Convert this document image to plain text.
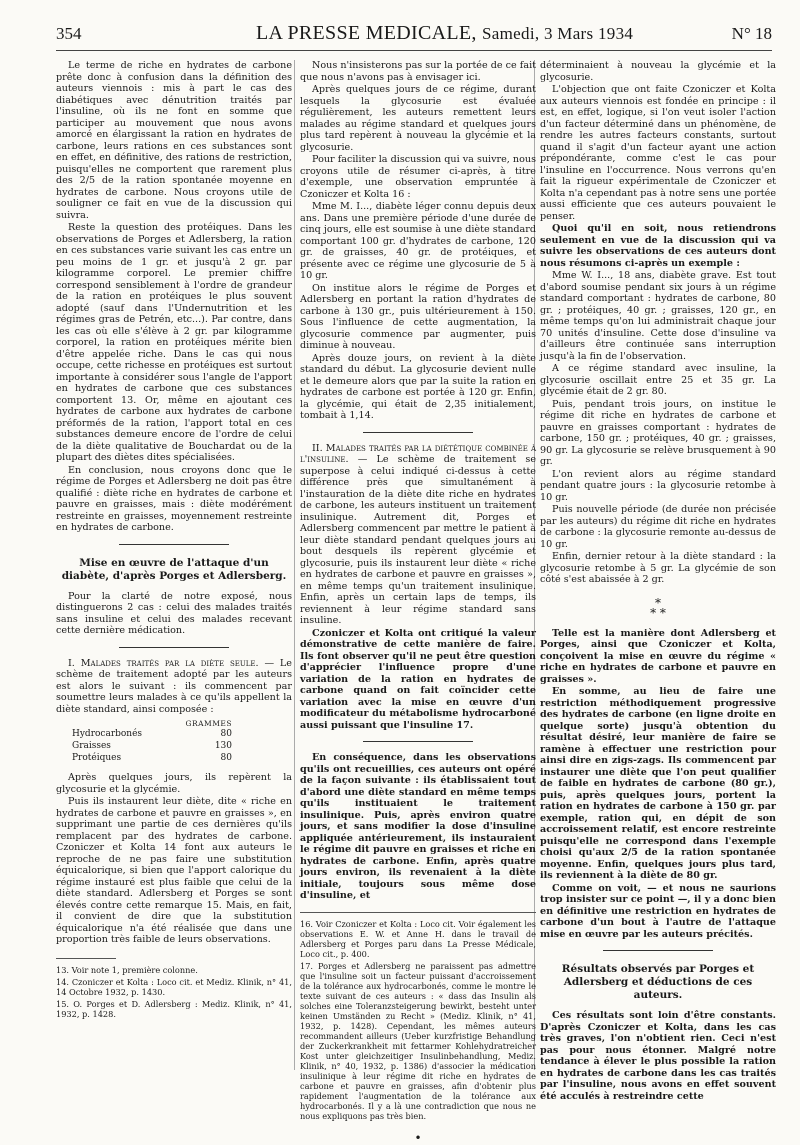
354	LA PRESSE MEDICALE, Samedi, 3 Mars 1934	N° 18

Le terme de riche en hydrates de carbone prête donc à confusion dans la définition des auteurs viennois : mis à part le cas des diabétiques avec dénutrition traités par l'insuline, où ils ne font en somme que participer au mouvement que nous avons amorcé en élargissant la ration en hydrates de carbone, leurs rations en ces substances sont en effet, en définitive, des rations de restriction, puisqu'elles ne comportent que rarement plus des 2/5 de la ration spontanée moyenne en hydrates de carbone. Nous croyons utile de souligner ce fait en vue de la discussion qui suivra.

Reste la question des protéiques. Dans les observations de Porges et Adlersberg, la ration en ces substances varie suivant les cas entre un peu moins de 1 gr. et jusqu'à 2 gr. par kilogramme corporel. Le premier chiffre correspond sensiblement à l'ordre de grandeur de la ration en protéiques le plus souvent adopté (sauf dans l'Undernutrition et les régimes gras de Petrén, etc...). Par contre, dans les cas où elle s'élève à 2 gr. par kilogramme corporel, la ration en protéiques mérite bien d'être appelée riche. Dans le cas qui nous occupe, cette richesse en protéiques est surtout importante à considérer sous l'angle de l'apport en hydrates de carbone que ces substances comportent 13. Or, même en ajoutant ces hydrates de carbone aux hydrates de carbone préformés de la ration, l'apport total en ces substances demeure encore de l'ordre de celui de la diète qualitative de Bouchardat ou de la plupart des diètes dites spécialisées.

En conclusion, nous croyons donc que le régime de Porges et Adlersberg ne doit pas être qualifié : diète riche en hydrates de carbone et pauvre en graisses, mais : diète modérément restreinte en graisses, moyennement restreinte en hydrates de carbone.

Mise en œuvre de l'attaque d'un diabète, d'après Porges et Adlersberg.

Pour la clarté de notre exposé, nous distinguerons 2 cas : celui des malades traités sans insuline et celui des malades recevant cette dernière médication.

I. Malades traités par la diète seule. — Le schème de traitement adopté par les auteurs est alors le suivant : ils commencent par soumettre leurs malades à ce qu'ils appellent la diète standard, ainsi composée :

GRAMMES	
Hydrocarbonés	80
Graisses	130
Protéiques	80

Après quelques jours, ils repèrent la glycosurie et la glycémie.

Puis ils instaurent leur diète, dite « riche en hydrates de carbone et pauvre en graisses », en supprimant une partie de ces dernières qu'ils remplacent par des hydrates de carbone. Czoniczer et Kolta 14 font aux auteurs le reproche de ne pas faire une substitution équicalorique, si bien que l'apport calorique du régime instauré est plus faible que celui de la diète standard. Adlersberg et Porges se sont élevés contre cette remarque 15. Mais, en fait, il convient de dire que la substitution équicalorique n'a été réalisée que dans une proportion très faible de leurs observations.

13. Voir note 1, première colonne.
14. Czoniczer et Kolta : Loco cit. et Mediz. Klinik, n° 41, 14 Octobre 1932, p. 1430.
15. O. Porges et D. Adlersberg : Mediz. Klinik, n° 41, 1932, p. 1428.

Nous n'insisterons pas sur la portée de ce fait que nous n'avons pas à envisager ici.

Après quelques jours de ce régime, durant lesquels la glycosurie est évaluée régulièrement, les auteurs remettent leurs malades au régime standard et quelques jours plus tard repèrent à nouveau la glycémie et la glycosurie.

Pour faciliter la discussion qui va suivre, nous croyons utile de résumer ci-après, à titre d'exemple, une observation empruntée à Czoniczer et Kolta 16 :

Mme M. I..., diabète léger connu depuis deux ans. Dans une première période d'une durée de cinq jours, elle est soumise à une diète standard comportant 100 gr. d'hydrates de carbone, 120 gr. de graisses, 40 gr. de protéiques, et présente avec ce régime une glycosurie de 5 à 10 gr.

On institue alors le régime de Porges et Adlersberg en portant la ration d'hydrates de carbone à 130 gr., puis ultérieurement à 150. Sous l'influence de cette augmentation, la glycosurie commence par augmenter, puis diminue à nouveau.

Après douze jours, on revient à la diète standard du début. La glycosurie devient nulle et le demeure alors que par la suite la ration en hydrates de carbone est portée à 120 gr. Enfin, la glycémie, qui était de 2,35 initialement, tombait à 1,14.

II. Malades traités par la diététique combinée à l'insuline. — Le schème de traitement se superpose à celui indiqué ci-dessus à cette différence près que simultanément à l'instauration de la diète dite riche en hydrates de carbone, les auteurs instituent un traitement insulinique. Autrement dit, Porges et Adlersberg commencent par mettre le patient à leur diète standard pendant quelques jours au bout desquels ils repèrent glycémie et glycosurie, puis ils instaurent leur diète « riche en hydrates de carbone et pauvre en graisses », en même temps qu'un traitement insulinique. Enfin, après un certain laps de temps, ils reviennent à leur régime standard sans insuline.

Czoniczer et Kolta ont critiqué la valeur démonstrative de cette manière de faire. Ils font observer qu'il ne peut être question d'apprécier l'influence propre d'une variation de la ration en hydrates de carbone quand on fait coïncider cette variation avec la mise en œuvre d'un modificateur du métabolisme hydrocarboné aussi puissant que l'insuline 17.

En conséquence, dans les observations qu'ils ont recueillies, ces auteurs ont opéré de la façon suivante : ils établissaient tout d'abord une diète standard en même temps qu'ils instituaient le traitement insulinique. Puis, après environ quatre jours, et sans modifier la dose d'insuline appliquée antérieurement, ils instauraient le régime dit pauvre en graisses et riche en hydrates de carbone. Enfin, après quatre jours environ, ils revenaient à la diète initiale, toujours sous même dose d'insuline, et

16. Voir Czoniczer et Kolta : Loco cit. Voir également les observations E. W. et Anne H. dans le travail de Adlersberg et Porges paru dans La Presse Médicale, Loco cit., p. 400.
17. Porges et Adlersberg ne paraissent pas admettre que l'insuline soit un facteur puissant d'accroissement de la tolérance aux hydrocarbonés, comme le montre le texte suivant de ces auteurs : « dass das Insulin als solches eine Toleranzsteigerung bewirkt, besteht unter keinen Umständen zu Recht » (Mediz. Klinik, n° 41, 1932, p. 1428). Cependant, les mêmes auteurs recommandent ailleurs (Ueber kurzfristige Behandlung der Zuckerkrankheit mit fettarmer Kohlehydratreicher Kost unter gleichzeitiger Insulinbehandlung, Mediz. Klinik, n° 40, 1932, p. 1386) d'associer la médication insulinique à leur régime dit riche en hydrates de carbone et pauvre en graisses, afin d'obtenir plus rapidement l'augmentation de la tolérance aux hydrocarbonés. Il y a là une contradiction que nous ne nous expliquons pas très bien.
•

déterminaient à nouveau la glycémie et la glycosurie.

L'objection que ont faite Czoniczer et Kolta aux auteurs viennois est fondée en principe : il est, en effet, logique, si l'on veut isoler l'action d'un facteur déterminé dans un phénomène, de rendre les autres facteurs constants, surtout quand il s'agit d'un facteur ayant une action prépondérante, comme c'est le cas pour l'insuline en l'occurrence. Nous verrons qu'en fait la rigueur expérimentale de Czoniczer et Kolta n'a cependant pas à notre sens une portée aussi efficiente que ces auteurs pouvaient le penser.

Quoi qu'il en soit, nous retiendrons seulement en vue de la discussion qui va suivre les observations de ces auteurs dont nous résumons ci-après un exemple :

Mme W. I..., 18 ans, diabète grave. Est tout d'abord soumise pendant six jours à un régime standard comportant : hydrates de carbone, 80 gr. ; protéiques, 40 gr. ; graisses, 120 gr., en même temps qu'on lui administrait chaque jour 70 unités d'insuline. Cette dose d'insuline va d'ailleurs être continuée sans interruption jusqu'à la fin de l'observation.

A ce régime standard avec insuline, la glycosurie oscillait entre 25 et 35 gr. La glycémie était de 2 gr. 80.

Puis, pendant trois jours, on institue le régime dit riche en hydrates de carbone et pauvre en graisses comportant : hydrates de carbone, 150 gr. ; protéiques, 40 gr. ; graisses, 90 gr. La glycosurie se relève brusquement à 90 gr.

L'on revient alors au régime standard pendant quatre jours : la glycosurie retombe à 10 gr.

Puis nouvelle période (de durée non précisée par les auteurs) du régime dit riche en hydrates de carbone : la glycosurie remonte au-dessus de 10 gr.

Enfin, dernier retour à la diète standard : la glycosurie retombe à 5 gr. La glycémie de son côté s'est abaissée à 2 gr.

*
* *

Telle est la manière dont Adlersberg et Porges, ainsi que Czoniczer et Kolta, conçoivent la mise en œuvre du régime « riche en hydrates de carbone et pauvre en graisses ».

En somme, au lieu de faire une restriction méthodiquement progressive des hydrates de carbone (en ligne droite en quelque sorte) jusqu'à obtention du résultat désiré, leur manière de faire se ramène à effectuer une restriction pour ainsi dire en zigs-zags. Ils commencent par instaurer une diète que l'on peut qualifier de faible en hydrates de carbone (80 gr.), puis, après quelques jours, portent la ration en hydrates de carbone à 150 gr. par exemple, ration qui, en dépit de son accroissement relatif, est encore restreinte puisqu'elle ne correspond dans l'exemple choisi qu'aux 2/5 de la ration spontanée moyenne. Enfin, quelques jours plus tard, ils reviennent à la diète de 80 gr.

Comme on voit, — et nous ne saurions trop insister sur ce point —, il y a donc bien en définitive une restriction en hydrates de carbone d'un bout à l'autre de l'attaque mise en œuvre par les auteurs précités.

Résultats observés par Porges et Adlersberg et déductions de ces auteurs.

Ces résultats sont loin d'être constants. D'après Czoniczer et Kolta, dans les cas très graves, l'on n'obtient rien. Ceci n'est pas pour nous étonner. Malgré notre tendance à élever le plus possible la ration en hydrates de carbone dans les cas traités par l'insuline, nous avons en effet souvent été acculés à restreindre cette
